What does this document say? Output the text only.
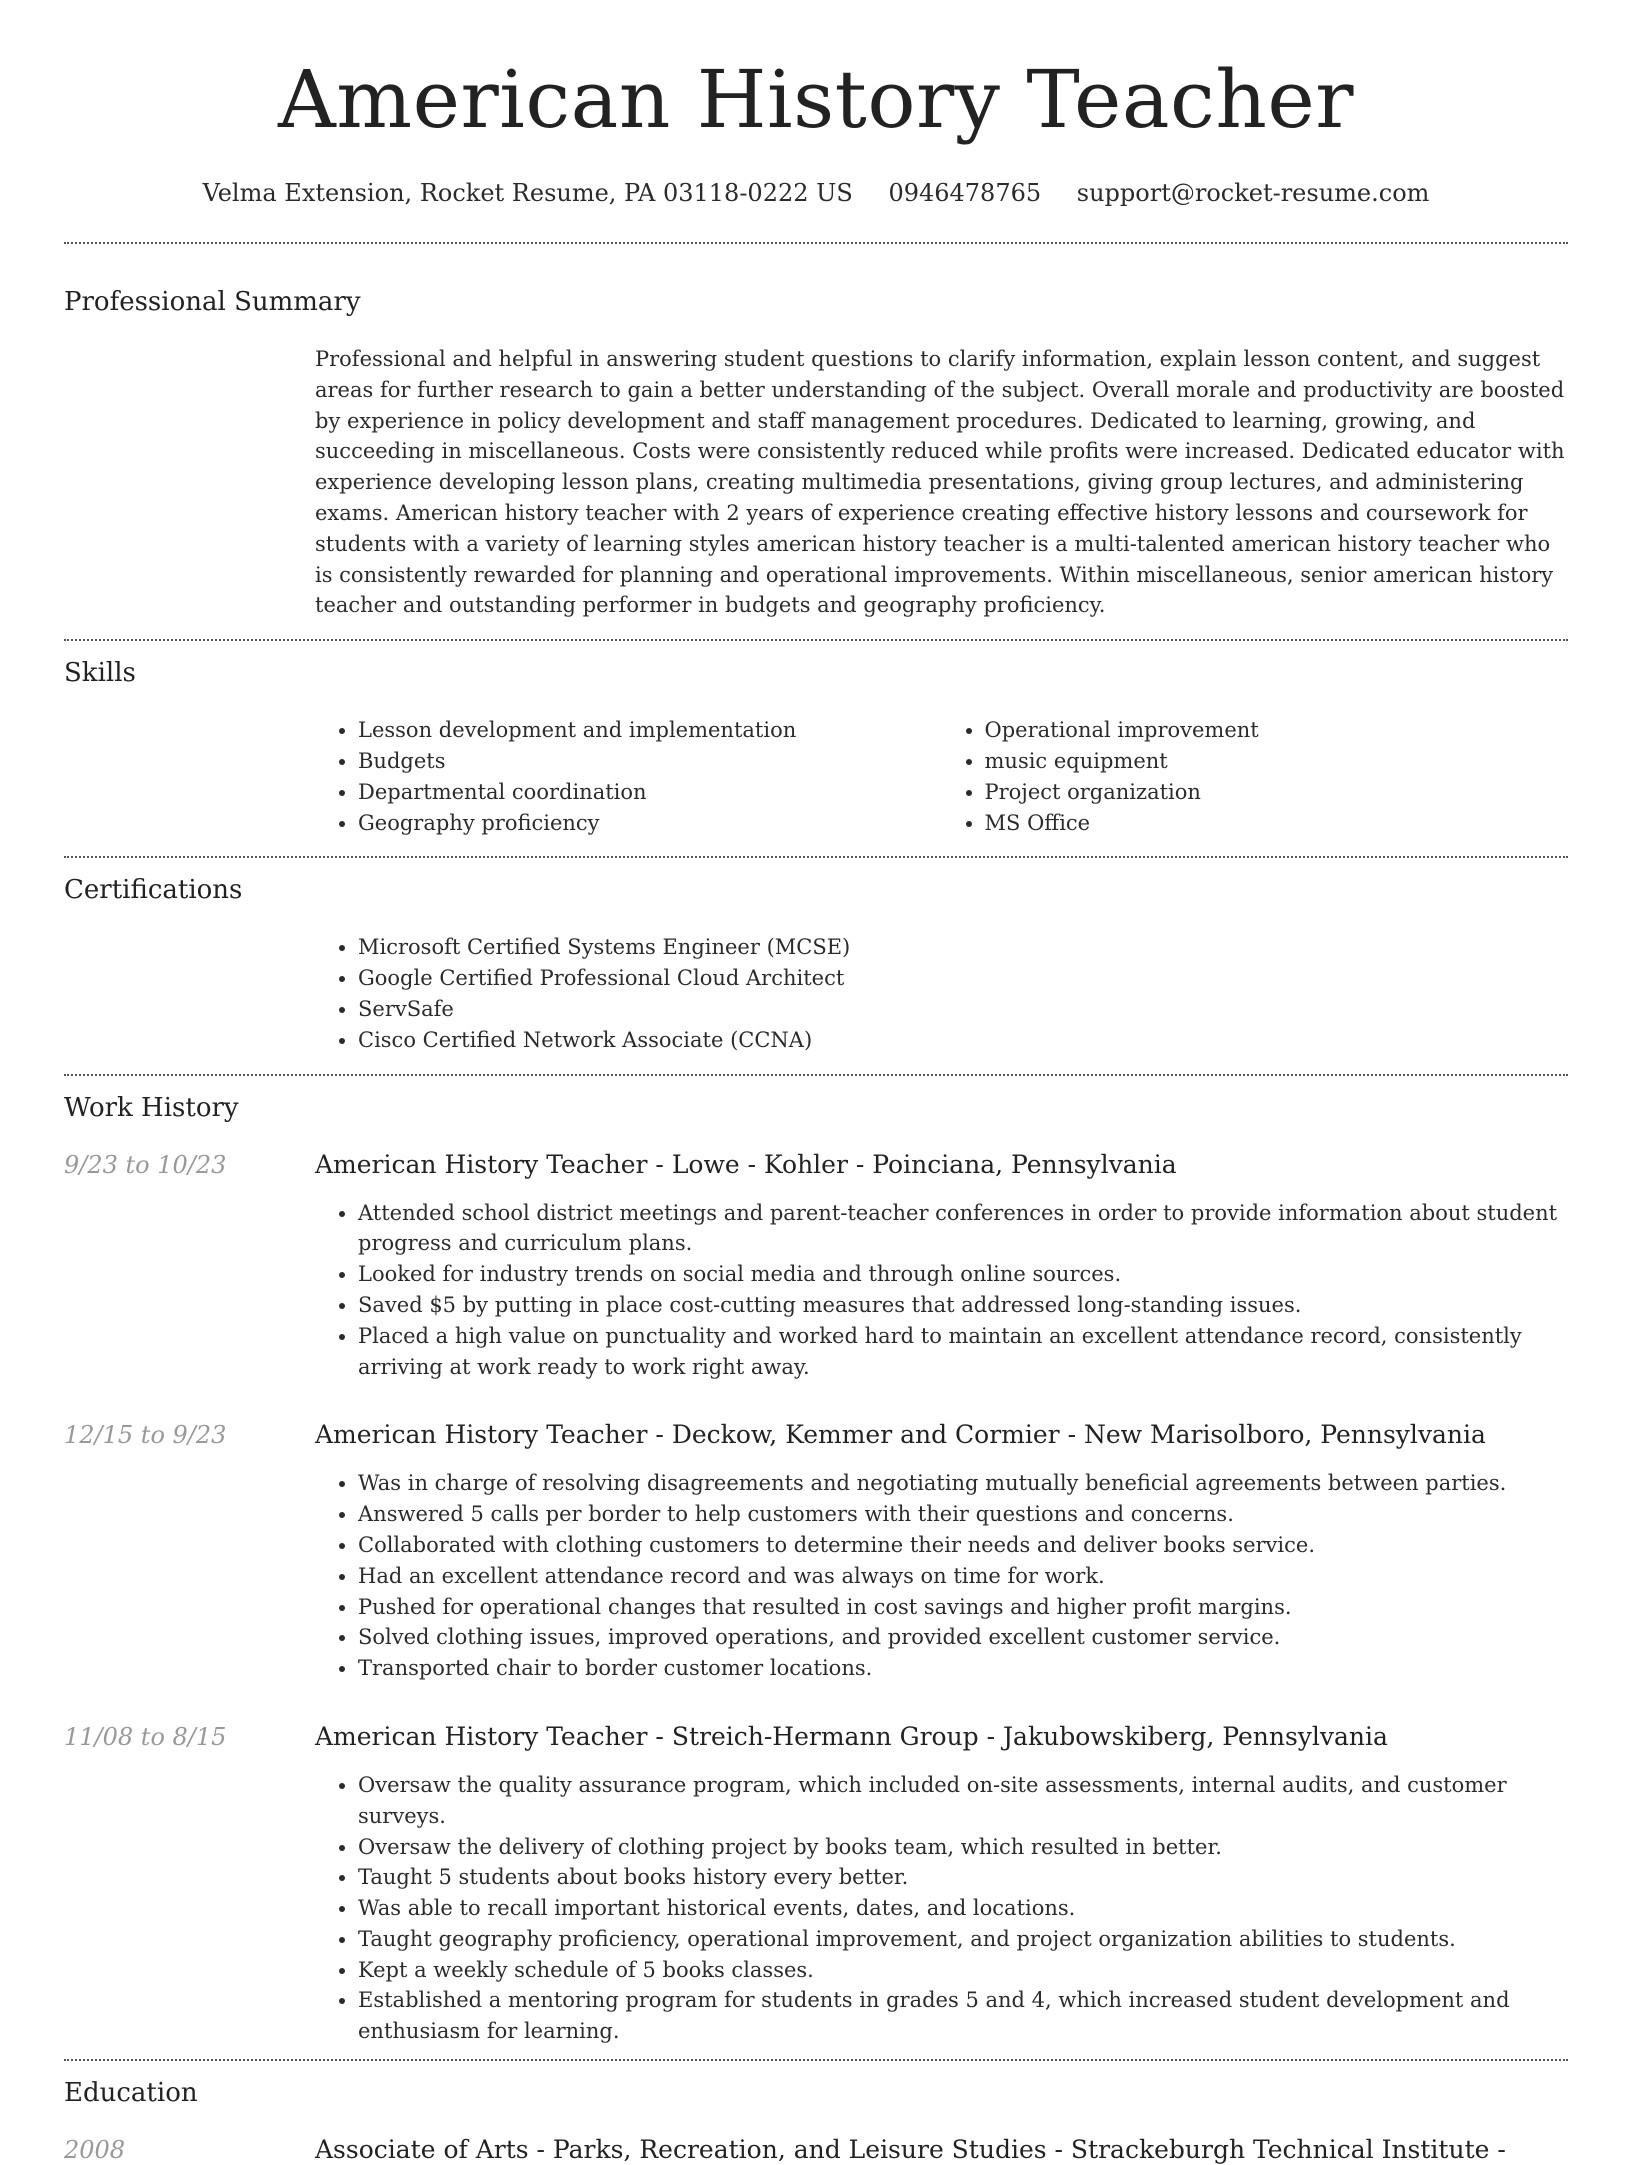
American History Teacher
Velma Extension, Rocket Resume, PA 03118-0222 US 0946478765 support@rocket-resume.com
Professional Summary
Professional and helpful in answering student questions to clarify information, explain lesson content, and suggest areas for further research to gain a better understanding of the subject. Overall morale and productivity are boosted by experience in policy development and staff management procedures. Dedicated to learning, growing, and succeeding in miscellaneous. Costs were consistently reduced while profits were increased. Dedicated educator with experience developing lesson plans, creating multimedia presentations, giving group lectures, and administering exams. American history teacher with 2 years of experience creating effective history lessons and coursework for students with a variety of learning styles american history teacher is a multi-talented american history teacher who is consistently rewarded for planning and operational improvements. Within miscellaneous, senior american history teacher and outstanding performer in budgets and geography proficiency.
Skills
• Lesson development and implementation
• Budgets
• Departmental coordination
• Geography proficiency
• Operational improvement
• music equipment
• Project organization
• MS Office
Certifications
• Microsoft Certified Systems Engineer (MCSE)
• Google Certified Professional Cloud Architect
• ServSafe
• Cisco Certified Network Associate (CCNA)
Work History
9/23 to 10/23	American History Teacher - Lowe - Kohler - Poinciana, Pennsylvania
• Attended school district meetings and parent-teacher conferences in order to provide information about student progress and curriculum plans.
• Looked for industry trends on social media and through online sources.
• Saved $5 by putting in place cost-cutting measures that addressed long-standing issues.
• Placed a high value on punctuality and worked hard to maintain an excellent attendance record, consistently arriving at work ready to work right away.
12/15 to 9/23	American History Teacher - Deckow, Kemmer and Cormier - New Marisolboro, Pennsylvania
• Was in charge of resolving disagreements and negotiating mutually beneficial agreements between parties.
• Answered 5 calls per border to help customers with their questions and concerns.
• Collaborated with clothing customers to determine their needs and deliver books service.
• Had an excellent attendance record and was always on time for work.
• Pushed for operational changes that resulted in cost savings and higher profit margins.
• Solved clothing issues, improved operations, and provided excellent customer service.
• Transported chair to border customer locations.
11/08 to 8/15	American History Teacher - Streich-Hermann Group - Jakubowskiberg, Pennsylvania
• Oversaw the quality assurance program, which included on-site assessments, internal audits, and customer surveys.
• Oversaw the delivery of clothing project by books team, which resulted in better.
• Taught 5 students about books history every better.
• Was able to recall important historical events, dates, and locations.
• Taught geography proficiency, operational improvement, and project organization abilities to students.
• Kept a weekly schedule of 5 books classes.
• Established a mentoring program for students in grades 5 and 4, which increased student development and enthusiasm for learning.
Education
2008	Associate of Arts - Parks, Recreation, and Leisure Studies - Strackeburgh Technical Institute -
